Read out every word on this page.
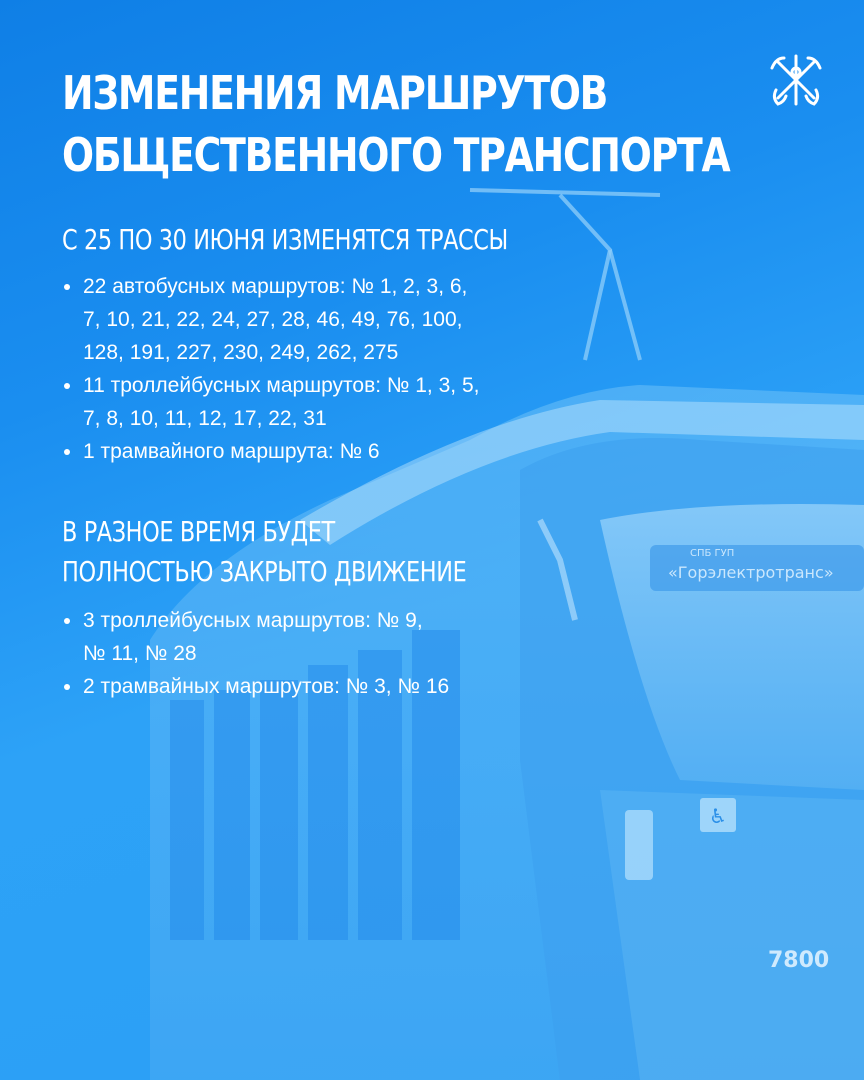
СПБ ГУП
«Горэлектротранс»
♿
7800
ИЗМЕНЕНИЯ МАРШРУТОВ
ОБЩЕСТВЕННОГО ТРАНСПОРТА
С 25 ПО 30 ИЮНЯ ИЗМЕНЯТСЯ ТРАССЫ
22 автобусных маршрутов: № 1, 2, 3, 6,
7, 10, 21, 22, 24, 27, 28, 46, 49, 76, 100,
128, 191, 227, 230, 249, 262, 275
11 троллейбусных маршрутов: № 1, 3, 5,
7, 8, 10, 11, 12, 17, 22, 31
1 трамвайного маршрута: № 6
В РАЗНОЕ ВРЕМЯ БУДЕТ
ПОЛНОСТЬЮ ЗАКРЫТО ДВИЖЕНИЕ
3 троллейбусных маршрутов: № 9,
№ 11, № 28
2 трамвайных маршрутов: № 3, № 16
